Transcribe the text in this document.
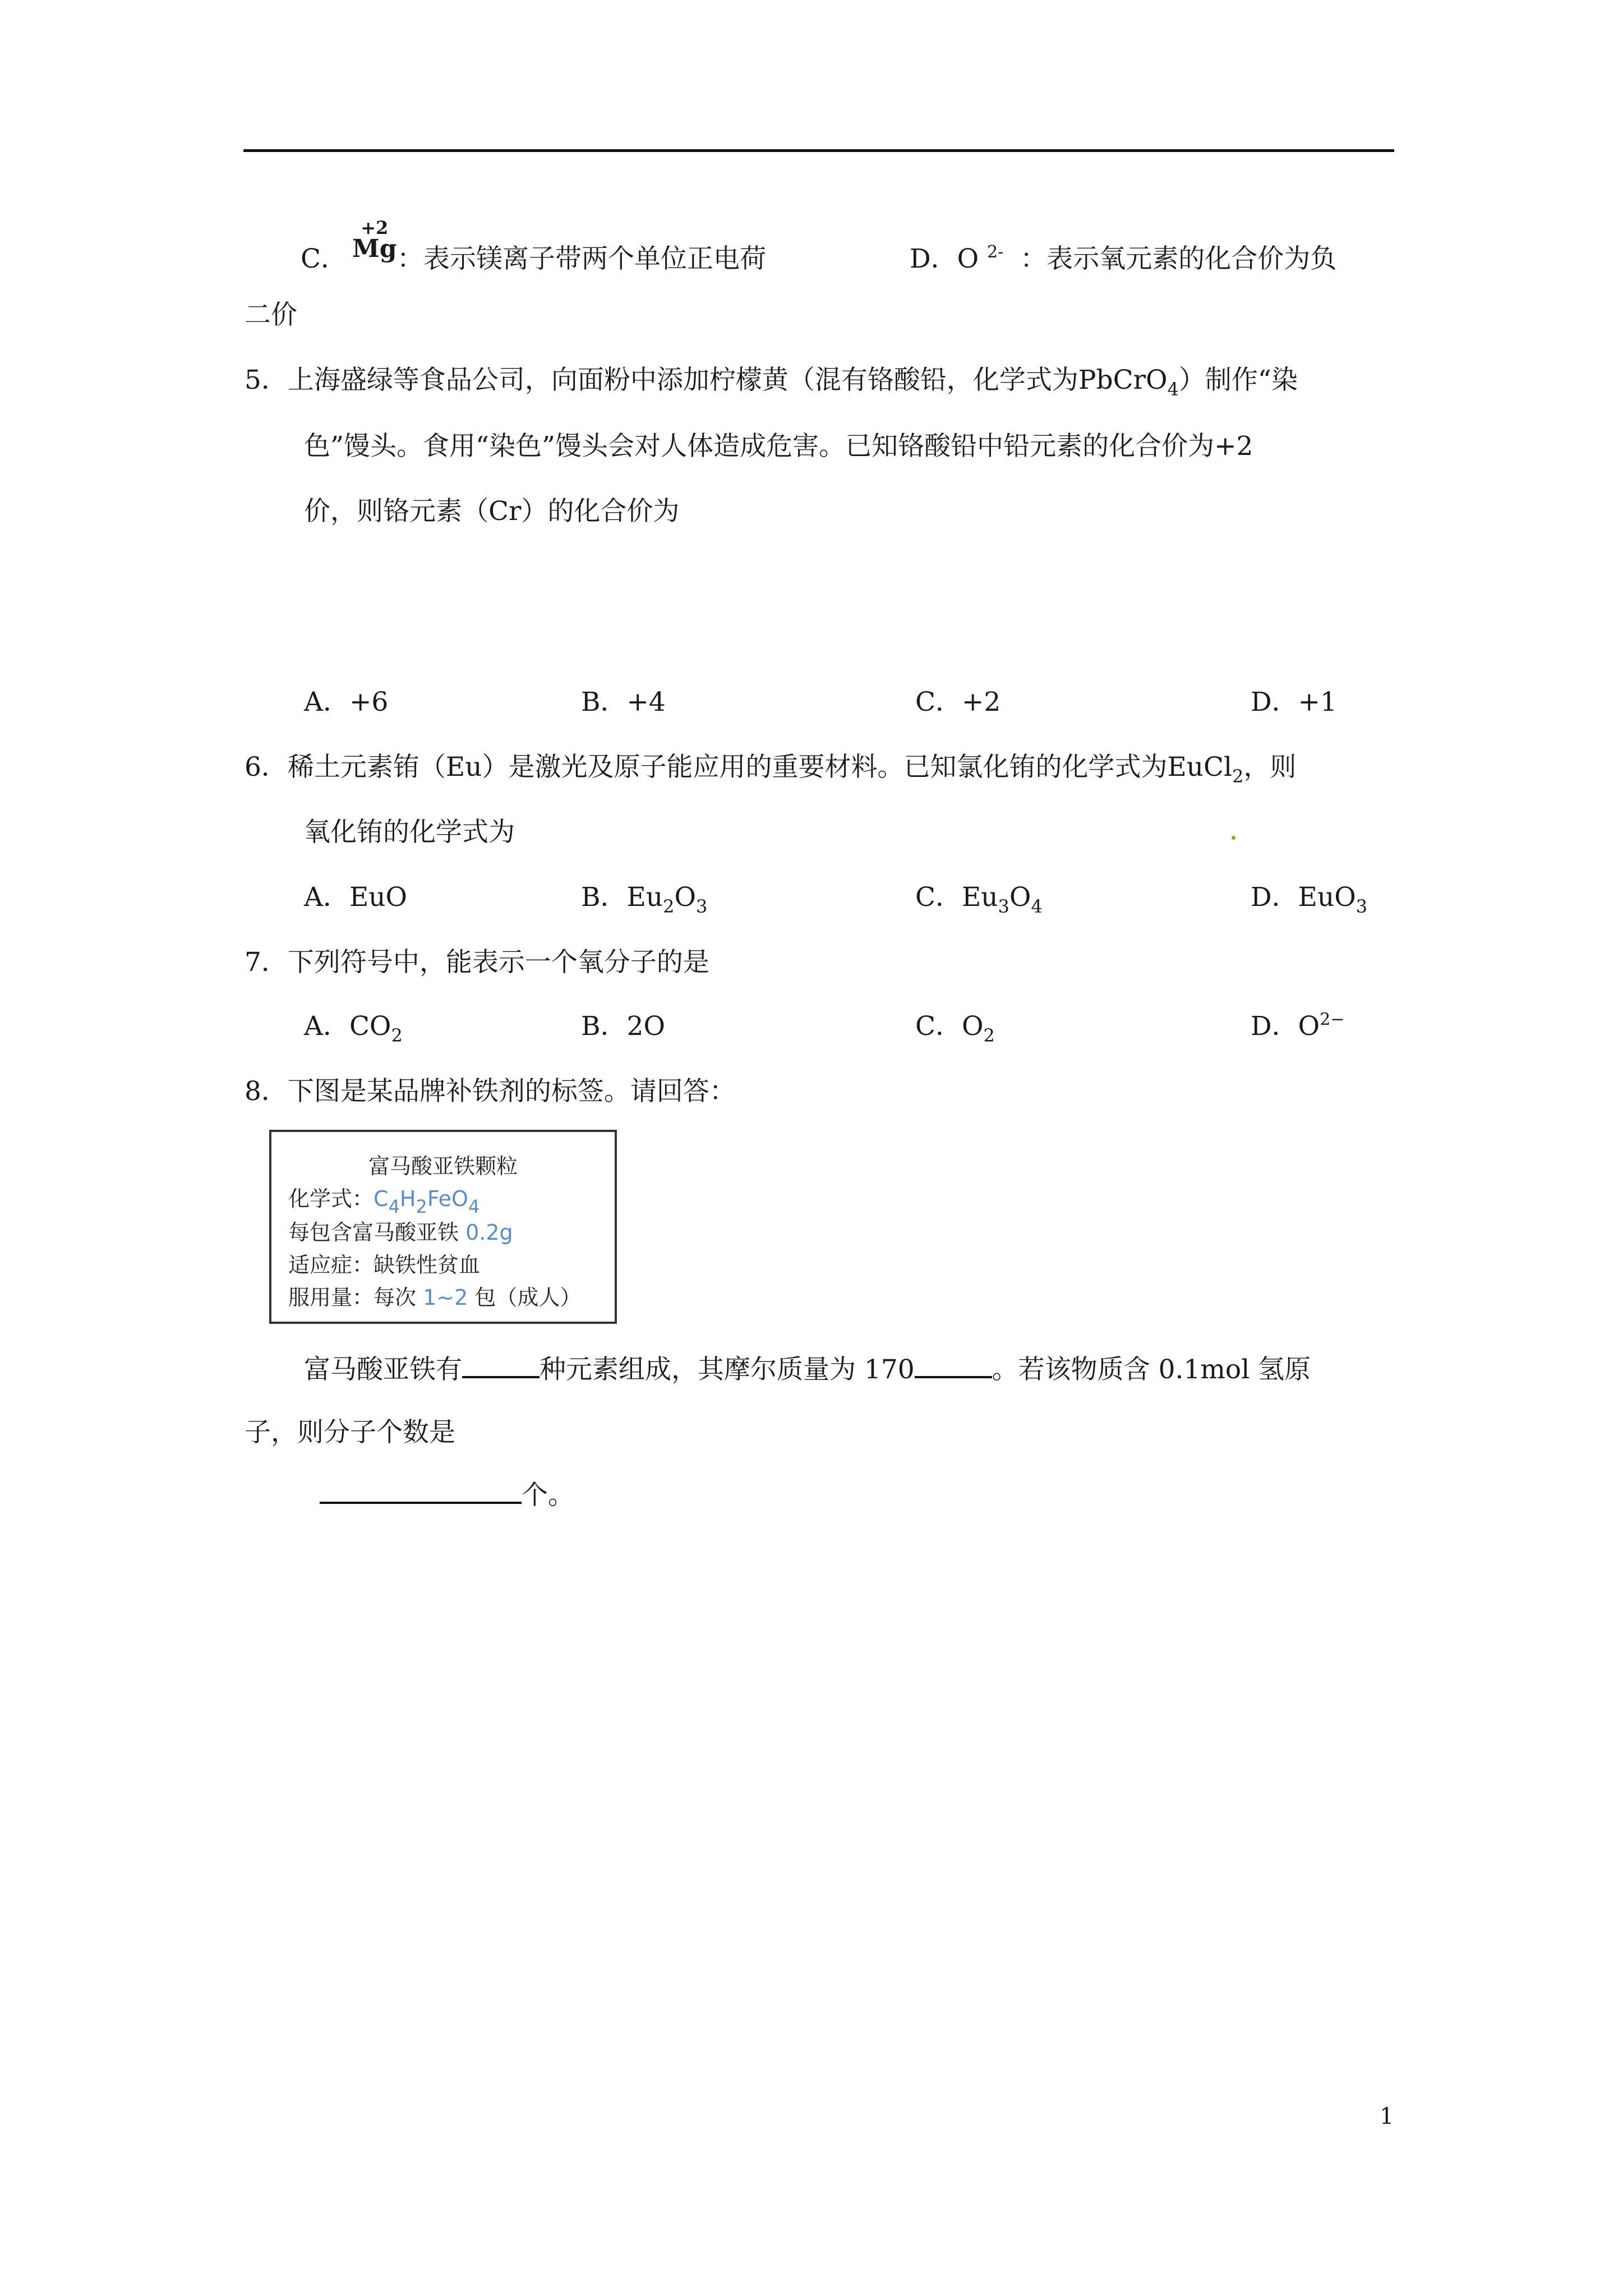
C．
+2
Mg ：表示镁离子带两个单位正电荷	D．O $^{2-}$ ：表示氧元素的化合价为负
二价
5．上海盛绿等食品公司，向面粉中添加柠檬黄（混有铬酸铅，化学式为PbCrO$_4$）制作“染
色”馒头。食用“染色”馒头会对人体造成危害。已知铬酸铅中铅元素的化合价为+2
价，则铬元素（Cr）的化合价为
A．+6	B．+4	C．+2	D．+1
6．稀土元素铕（Eu）是激光及原子能应用的重要材料。已知氯化铕的化学式为EuCl$_2$，则
氧化铕的化学式为
A．EuO	B．$Eu_2O_3$	C．$Eu_3O_4$	D．EuO$_3$
7．下列符号中，能表示一个氧分子的是
A．$CO_2$	B．2O	C．$O_2$	D．$O^{2-}$
8．下图是某品牌补铁剂的标签。请回答：
富马酸亚铁颗粒
化学式：$C_4H_2FeO_4$
每包含富马酸亚铁 0.2g
适应症：缺铁性贫血
服用量：每次 1~2 包（成人）
富马酸亚铁有	种元素组成，其摩尔质量为 170	。若该物质含 0.1mol 氢原
子，则分子个数是
个。
1
